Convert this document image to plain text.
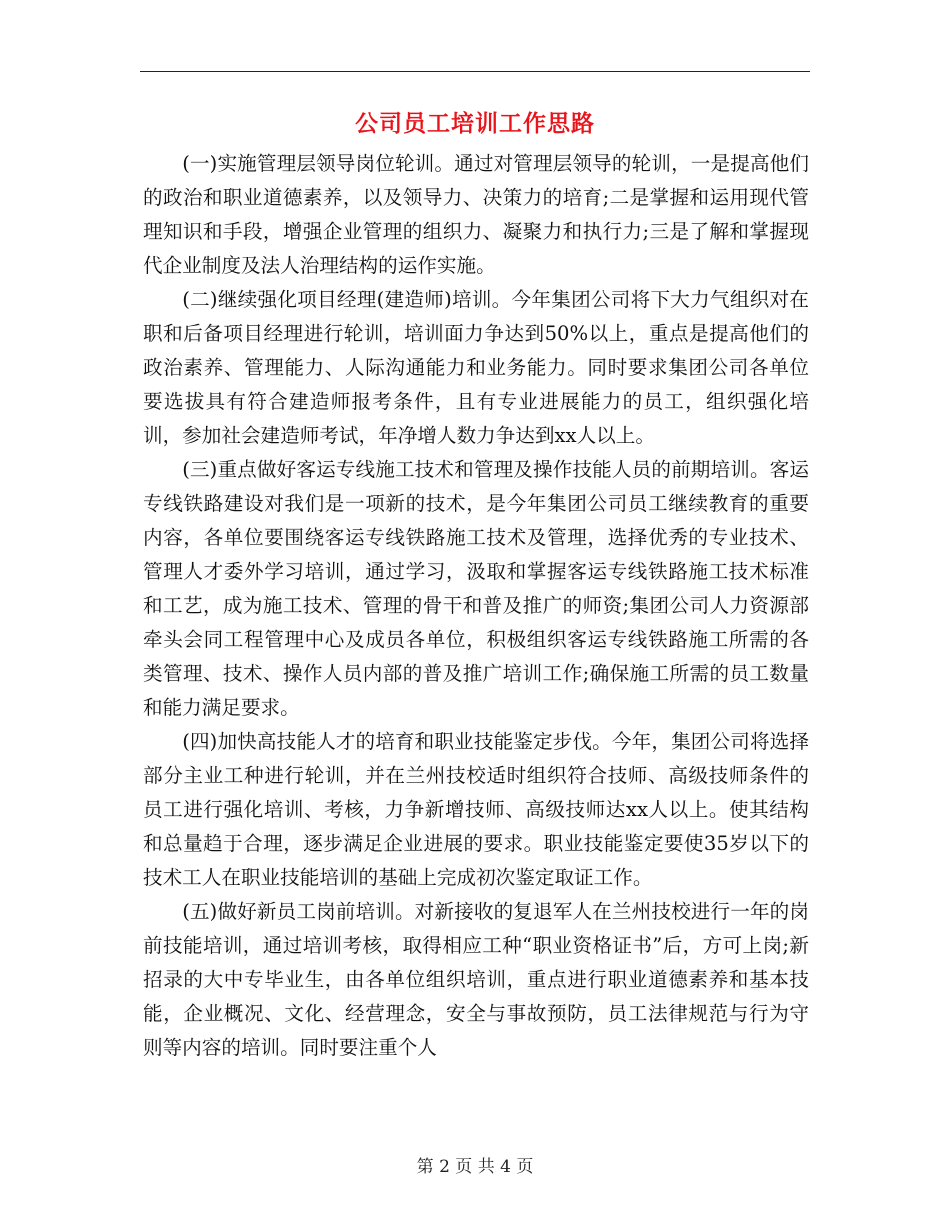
公司员工培训工作思路

(一)实施管理层领导岗位轮训。通过对管理层领导的轮训，一是提高他们的政治和职业道德素养，以及领导力、决策力的培育;二是掌握和运用现代管理知识和手段，增强企业管理的组织力、凝聚力和执行力;三是了解和掌握现代企业制度及法人治理结构的运作实施。

(二)继续强化项目经理(建造师)培训。今年集团公司将下大力气组织对在职和后备项目经理进行轮训，培训面力争达到50%以上，重点是提高他们的政治素养、管理能力、人际沟通能力和业务能力。同时要求集团公司各单位要选拔具有符合建造师报考条件，且有专业进展能力的员工，组织强化培训，参加社会建造师考试，年净增人数力争达到xx人以上。

(三)重点做好客运专线施工技术和管理及操作技能人员的前期培训。客运专线铁路建设对我们是一项新的技术，是今年集团公司员工继续教育的重要内容，各单位要围绕客运专线铁路施工技术及管理，选择优秀的专业技术、管理人才委外学习培训，通过学习，汲取和掌握客运专线铁路施工技术标准和工艺，成为施工技术、管理的骨干和普及推广的师资;集团公司人力资源部牵头会同工程管理中心及成员各单位，积极组织客运专线铁路施工所需的各类管理、技术、操作人员内部的普及推广培训工作;确保施工所需的员工数量和能力满足要求。

(四)加快高技能人才的培育和职业技能鉴定步伐。今年，集团公司将选择部分主业工种进行轮训，并在兰州技校适时组织符合技师、高级技师条件的员工进行强化培训、考核，力争新增技师、高级技师达xx人以上。使其结构和总量趋于合理，逐步满足企业进展的要求。职业技能鉴定要使35岁以下的技术工人在职业技能培训的基础上完成初次鉴定取证工作。

(五)做好新员工岗前培训。对新接收的复退军人在兰州技校进行一年的岗前技能培训，通过培训考核，取得相应工种“职业资格证书”后，方可上岗;新招录的大中专毕业生，由各单位组织培训，重点进行职业道德素养和基本技能，企业概况、文化、经营理念，安全与事故预防，员工法律规范与行为守则等内容的培训。同时要注重个人

第 2 页 共 4 页
